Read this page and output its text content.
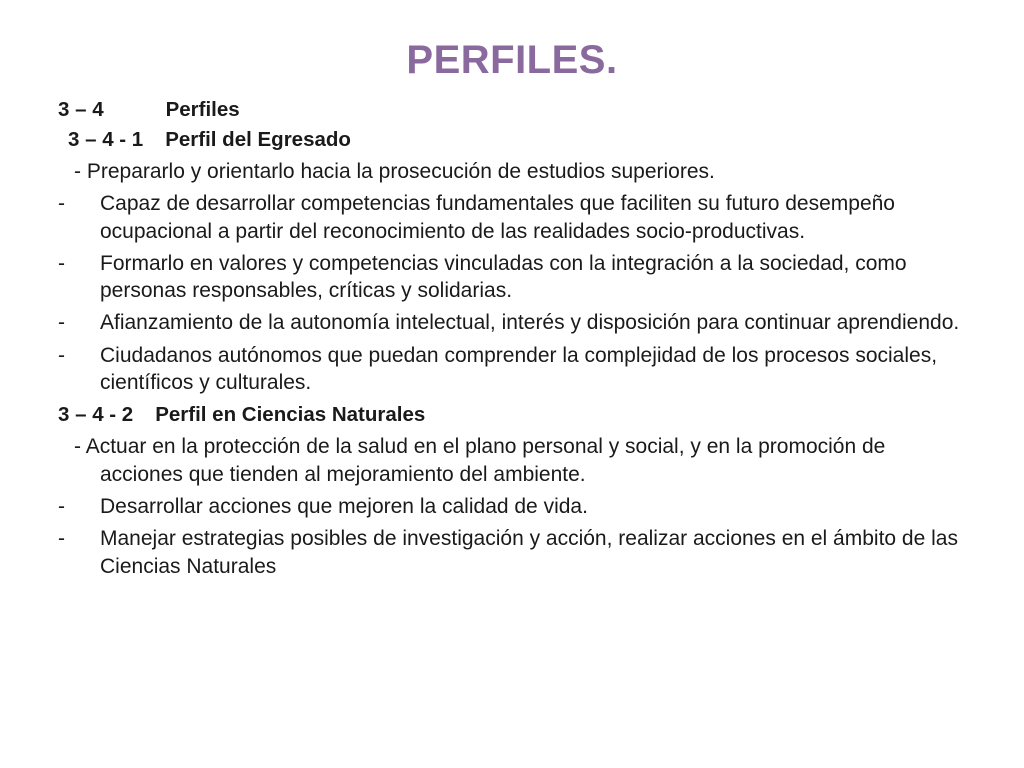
PERFILES.
3 – 4	Perfiles
3 – 4 - 1 Perfil del Egresado
- Prepararlo y orientarlo hacia la prosecución de estudios superiores.
-	Capaz de desarrollar competencias fundamentales que faciliten su futuro desempeño ocupacional a partir del reconocimiento de las realidades socio-productivas.
-	Formarlo en valores y competencias vinculadas con la integración a la sociedad, como personas responsables, críticas y solidarias.
-	Afianzamiento de la autonomía intelectual, interés y disposición para continuar aprendiendo.
-	Ciudadanos autónomos que puedan comprender la complejidad de los procesos sociales, científicos y culturales.
3 – 4 - 2 Perfil en Ciencias Naturales
- Actuar en la protección de la salud en el plano personal y social, y en la promoción de acciones que tienden al mejoramiento del ambiente.
-	Desarrollar acciones que mejoren la calidad de vida.
-	Manejar estrategias posibles de investigación y acción, realizar acciones en el ámbito de las Ciencias Naturales
